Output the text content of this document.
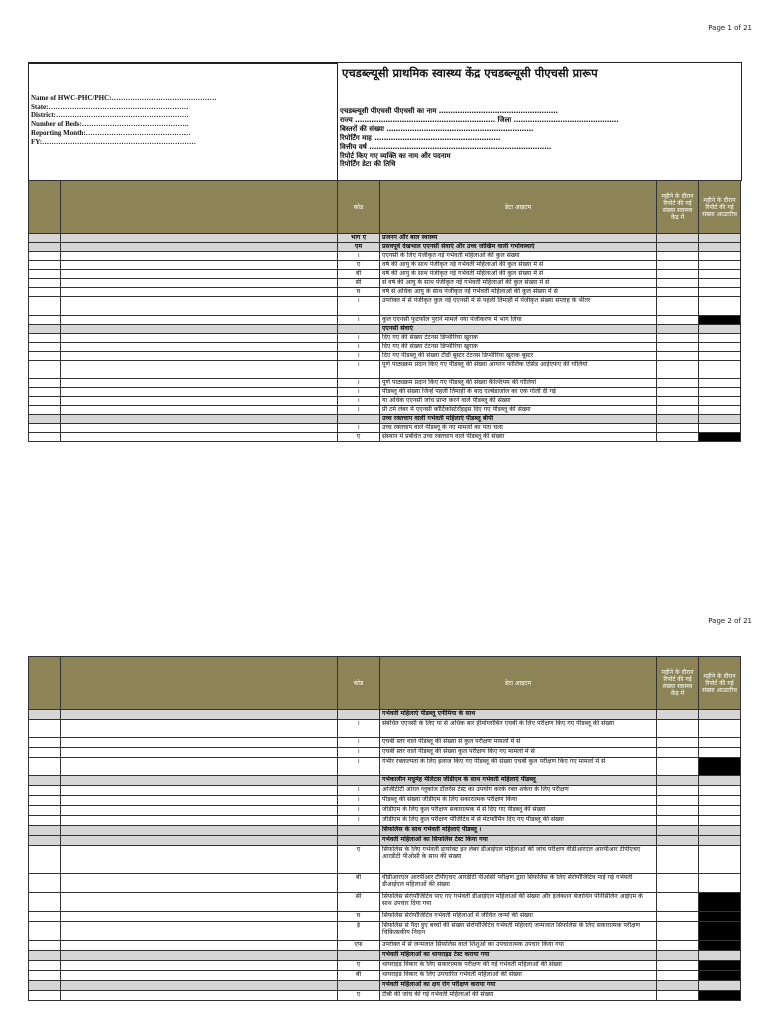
Page 1 of 21
Name of HWC-PHC/PHC:………………………………………
State:……………………………………………………
District:…………………………………………………
Number of Beds:……………………………………….
Reporting Month:………………………………………
FY:…………………………………………………………
एचडब्ल्यूसी प्राथमिक स्वास्थ्य केंद्र एचडब्ल्यूसी पीएचसी प्रारूप
एचडब्ल्यूसी पीएचसी पीएचसी का नाम ……………………………………………
राज्य …………………………………………………… जिला ………………………………………
बिस्तरों की संख्या ………………………………………………………
रिपोर्टिंग माह ………………………………………………
वित्तीय वर्ष ……………………………………………………………………
रिपोर्ट किए गए व्यक्ति का नाम और पदनाम
रिपोर्टिंग डेटा की तिथि
		कोड	डेटा आइटम	महीने के दौरान रिपोर्ट की गई संख्या स्वास्थ्य केंद्र में	महीने के दौरान रिपोर्ट की गई संख्या आउटरीच
		भाग ए	प्रजनन और बाल स्वास्थ्य		
		एम	प्रसवपूर्व देखभाल एएनसी सेवाएं और उच्च जोखिम वाली गर्भावस्थाएं		
		।	एएनसी के लिए पंजीकृत नई गर्भवती महिलाओं की कुल संख्या		
		ए	वर्ष की आयु के साथ पंजीकृत नई गर्भवती महिलाओं की कुल संख्या में से		
		बी	वर्ष की आयु के साथ पंजीकृत नई गर्भवती महिलाओं की कुल संख्या में से		
		सी	से वर्ष की आयु के साथ पंजीकृत नई गर्भवती महिलाओं की कुल संख्या में से		
		घ	वर्ष से अधिक आयु के साथ पंजीकृत नई गर्भवती महिलाओं की कुल संख्या में से		
		।	उपरोक्त में से पंजीकृत कुल नई एएनसी में से पहली तिमाही में पंजीकृत संख्या सप्ताह के भीतर		
		।	कुल एएनसी फुटफॉल पुराने मामले नया पंजीकरण में भाग लिया		
			एएनसी सेवाएं		
		।	दिए गए की संख्या टेटनस डिप्थीरिया खुराक		
		।	दिए गए की संख्या टेटनस डिप्थीरिया खुराक		
		।	दिए गए पीडब्लू की संख्या टीडी बूस्टर टेटनस डिप्थीरिया खुराक बूस्टर		
		।	पूर्ण पाठ्यक्रम प्रदान किए गए पीडब्लू की संख्या आयरन फोलिक एसिड आईएफए की गोलियां		
		।	पूर्ण पाठ्यक्रम प्रदान किए गए पीडब्लू की संख्या कैल्शियम की गोलियां		
		।	पीडब्लू की संख्या जिन्हें पहली तिमाही के बाद एल्बेंडाजोल का एक गोली दी गई		
		।	या अधिक एएनसी जांच प्राप्त करने वाले पीडब्लू की संख्या		
		।	प्री टर्म लेबर में एएनसी कॉर्टिकोस्टेरॉइड्स दिए गए पीडब्लू की संख्या		
			उच्च रक्तचाप वाली गर्भवती महिलाएं पीडब्लू बीपी		
		।	उच्च रक्तचाप वाले पीडब्लू के नए मामलों का पता चला		
		ए	संस्थान में प्रबंधित उच्च रक्तचाप वाले पीडब्लू की संख्या		
Page 2 of 21
		कोड	डेटा आइटम	महीने के दौरान रिपोर्ट की गई संख्या स्वास्थ्य केंद्र में	महीने के दौरान रिपोर्ट की गई संख्या आउटरीच
			गर्भवती महिलाएं पीडब्लू एनीमिया के साथ		
		।	संबंधित एएनसी के लिए या से अधिक बार हीमोग्लोबिन एचबी के लिए परीक्षण किए गए पीडब्लू की संख्या		
		।	एचबी स्तर वाले पीडब्लू की संख्या से कुल परीक्षण मामलों में से		
		।	एचबी स्तर वाले पीडब्लू की संख्या कुल परीक्षण किए गए मामलों में से		
		।	गंभीर रक्ताल्पता के लिए इलाज किए गए पीडब्लू की संख्या एचबी कुल परीक्षण किए गए मामलों में से		
			गर्भकालीन मधुमेह मेलिटस जीडीएम के साथ गर्भवती महिलाएं पीडब्लू		
		।	ओजीटीटी ओरल ग्लूकोज टॉलरेंस टेस्ट का उपयोग करके रक्त शर्करा के लिए परीक्षण		
		।	पीडब्लू की संख्या जीडीएम के लिए सकारात्मक परीक्षण किया		
		।	जीडीएम के लिए कुल परीक्षण सकारात्मक में से दिए गए पीडब्लू की संख्या		
		।	जीडीएम के लिए कुल परीक्षण पॉजिटिव में से मेटफॉर्मिन दिए गए पीडब्लू की संख्या		
			सिफलिस के साथ गर्भवती महिलाएं पीडब्लू ।		
			गर्भवती महिलाओं का सिफलिस टेस्ट किया गया		
		ए	सिफलिस के लिए गर्भवती डायरेक्ट इन लेबर डीआईएल महिलाओं की जांच परीक्षण वीडीआरएल आरपीआर टीपीएचए आरडीटी पीओसी के साथ की संख्या		
		बी	वीडीआरएल आरपीआर टीपीएचए आरडीटी पीओसी परीक्षण द्वारा सिफलिस के लिए सेरोपॉजिटिव पाई गई गर्भवती डीआईएल महिलाओं की संख्या		
		सी	सिफलिस सेरोपॉजिटिव पाए गए गर्भवती डीआईएल महिलाओं की संख्या और इंजेक्शन बेंजाथिन पेनिसिलिन आईएम के साथ उपचार दिया गया		
		घ	सिफलिस सेरोपॉजिटिव गर्भवती महिलाओं में जीवित जन्मों की संख्या		
		ई	सिफलिस से पैदा हुए बच्चों की संख्या सेरोपॉजिटिव गर्भवती महिलाएं जन्मजात सिफलिस के लिए सकारात्मक परीक्षण चिकित्सकीय निदान		
		एफ	उपरोक्त में से जन्मजात सिफलिस वाले शिशुओं का उपचारात्मक उपचार किया गया		
			गर्भवती महिलाओं का थायराइड टेस्ट कराया गया		
		ए	थायराइड विकार के लिए सकारात्मक परीक्षण की गई गर्भवती महिलाओं की संख्या		
		बी	थायराइड विकार के लिए उपचारित गर्भवती महिलाओं की संख्या		
			गर्भवती महिलाओं का क्षय रोग परीक्षण कराया गया		
		ए	टीबी की जांच की गई गर्भवती महिलाओं की संख्या		
